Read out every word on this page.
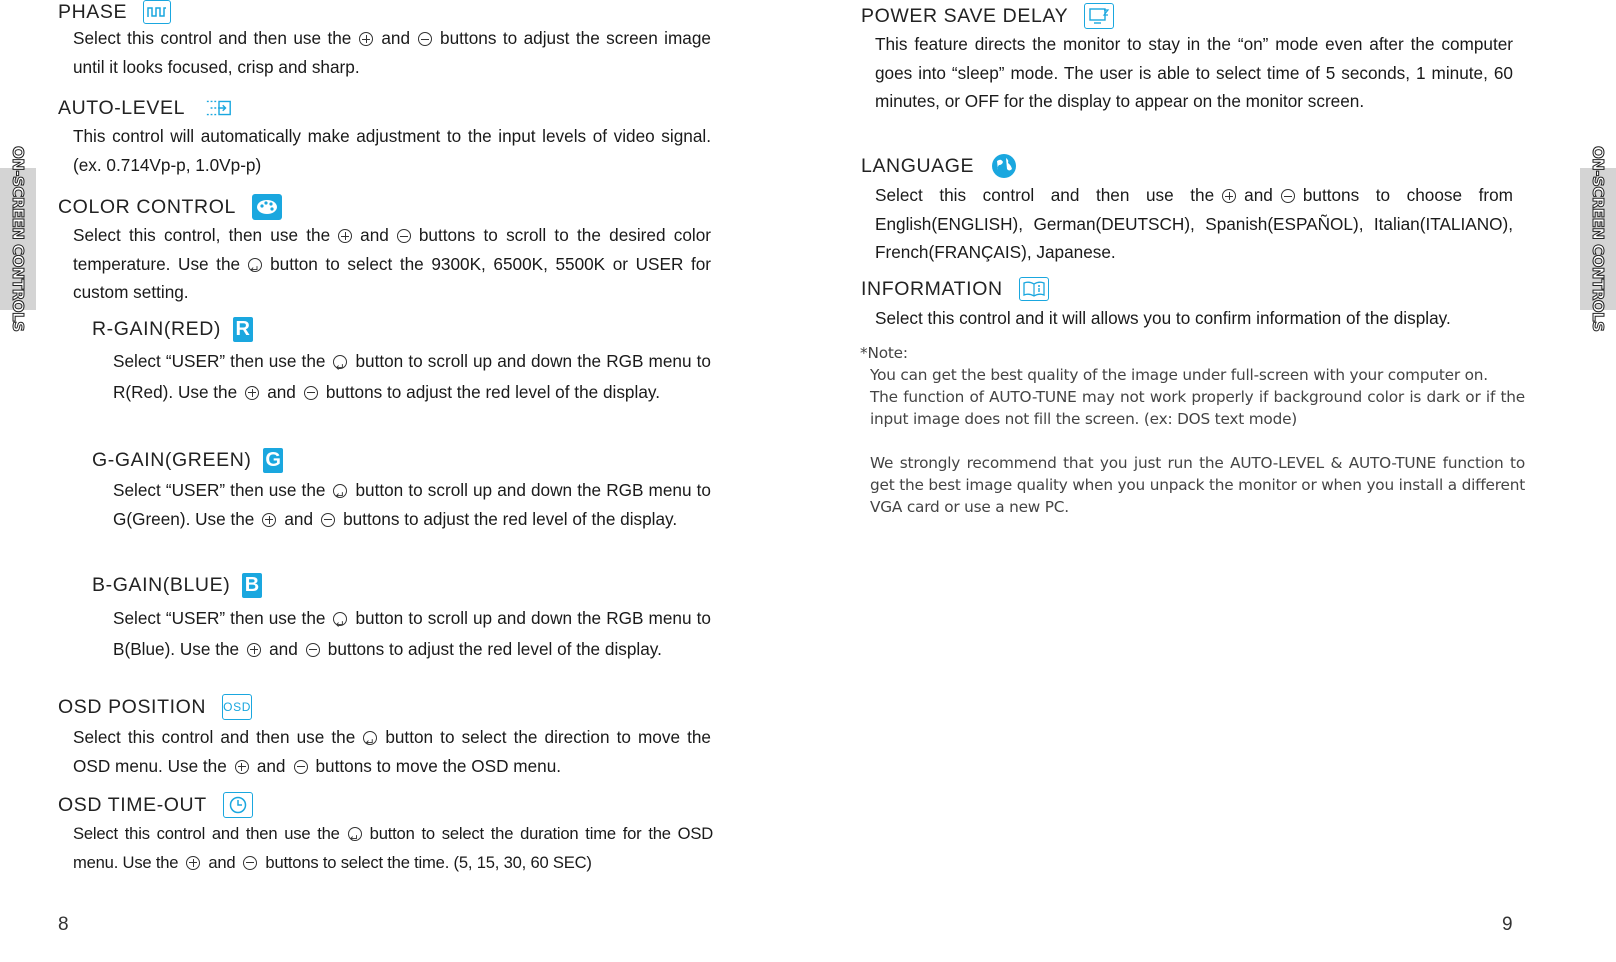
ON-SCREEN CONTROLS
PHASE
Select this control and then use the and buttons to adjust the screen image until it looks focused, crisp and sharp.
AUTO-LEVEL
This control will automatically make adjustment to the input levels of video signal.(ex. 0.714Vp-p, 1.0Vp-p)
COLOR CONTROL
Select this control, then use the and buttons to scroll to the desired color temperature. Use the ↵ button to select the 9300K, 6500K, 5500K or USER for custom setting.
R-GAIN(RED) R
Select “USER” then use the ↵ button to scroll up and down the RGB menu to R(Red). Use the and buttons to adjust the red level of the display.
G-GAIN(GREEN) G
Select “USER” then use the ↵ button to scroll up and down the RGB menu to G(Green). Use the and buttons to adjust the red level of the display.
B-GAIN(BLUE) B
Select “USER” then use the ↵ button to scroll up and down the RGB menu to B(Blue). Use the and buttons to adjust the red level of the display.
OSD POSITION OSD
Select this control and then use the ↵ button to select the direction to move the OSD menu. Use the and buttons to move the OSD menu.
OSD TIME-OUT
Select this control and then use the ↵ button to select the duration time for the OSD menu. Use the and buttons to select the time. (5, 15, 30, 60 SEC)
8
ON-SCREEN CONTROLS
POWER SAVE DELAY
This feature directs the monitor to stay in the “on” mode even after the computer goes into “sleep” mode. The user is able to select time of 5 seconds, 1 minute, 60 minutes, or OFF for the display to appear on the monitor screen.
LANGUAGE
Select this control and then use the and buttons to choose from English(ENGLISH), German(DEUTSCH), Spanish(ESPAÑOL), Italian(ITALIANO), French(FRANÇAIS), Japanese.
INFORMATION
Select this control and it will allows you to confirm information of the display.
*Note:
You can get the best quality of the image under full-screen with your computer on.
The function of AUTO-TUNE may not work properly if background color is dark or if the input image does not fill the screen. (ex: DOS text mode)
We strongly recommend that you just run the AUTO-LEVEL & AUTO-TUNE function to get the best image quality when you unpack the monitor or when you install a different VGA card or use a new PC.
9
